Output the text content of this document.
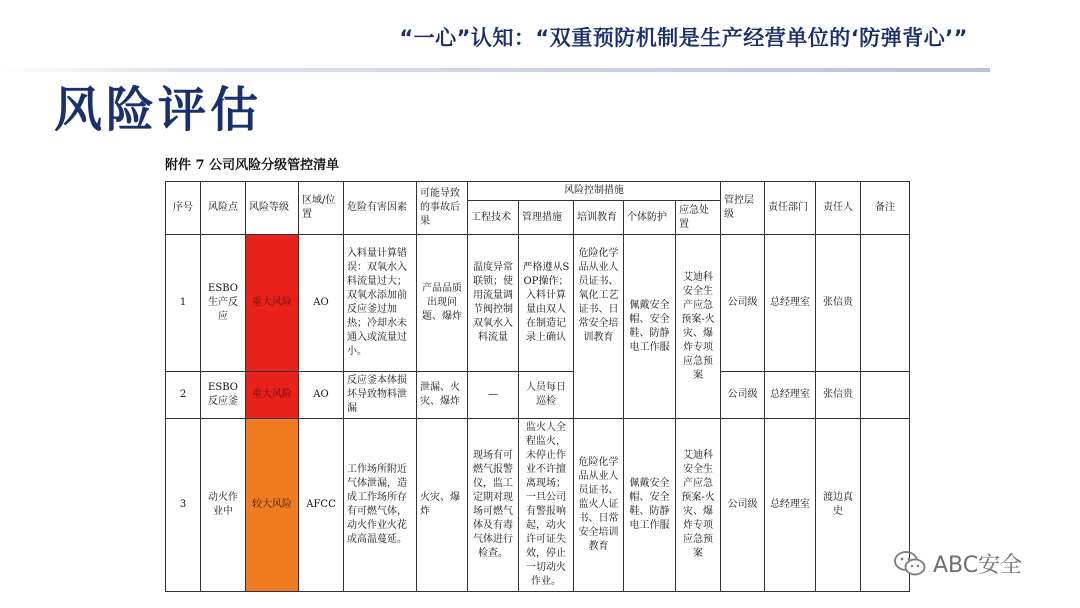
“一心”认知：“双重预防机制是生产经营单位的‘防弹背心’”
风险评估
附件 7 公司风险分级管控清单
序号	风险点	风险等级	区域/位置	危险有害因素	可能导致的事故后果	风险控制措施					管控层级	责任部门	责任人	备注
						工程技术	管理措施	培训教育	个体防护	应急处置				
1	ESBO生产反应	重大风险	AO	入料量计算错误：双氧水入料流量过大；双氧水添加前反应釜过加热；冷却水未通入或流量过小。	产品品质出现问题、爆炸	温度异常联锁；使用流量调节阀控制双氧水入料流量	严格遵从SOP操作；入料计算量由双人在制造记录上确认	危险化学品从业人员证书、氧化工艺证书、日常安全培训教育	佩戴安全帽、安全鞋、防静电工作服	艾迪科安全生产应急预案-火灾、爆炸专项应急预案	公司级	总经理室	张信贵	
2	ESBO反应釜	重大风险	AO	反应釜本体损坏导致物料泄漏	泄漏、火灾、爆炸	—	人员每日巡检				公司级	总经理室	张信贵	
3	动火作业中	较大风险	AFCC	工作场所附近气体泄漏，造成工作场所存有可燃气体，动火作业火花或高温蔓延。	火灾、爆炸	现场有可燃气报警仪，监工定期对现场可燃气体及有毒气体进行检查。	监火人全程监火，未停止作业不许擅离现场；一旦公司有警报响起，动火许可证失效，停止一切动火作业。	危险化学品从业人员证书、监火人证书、日常安全培训教育	佩戴安全帽、安全鞋、防静电工作服	艾迪科安全生产应急预案-火灾、爆炸专项应急预案	公司级	总经理室	渡边真史	
ABC安全
